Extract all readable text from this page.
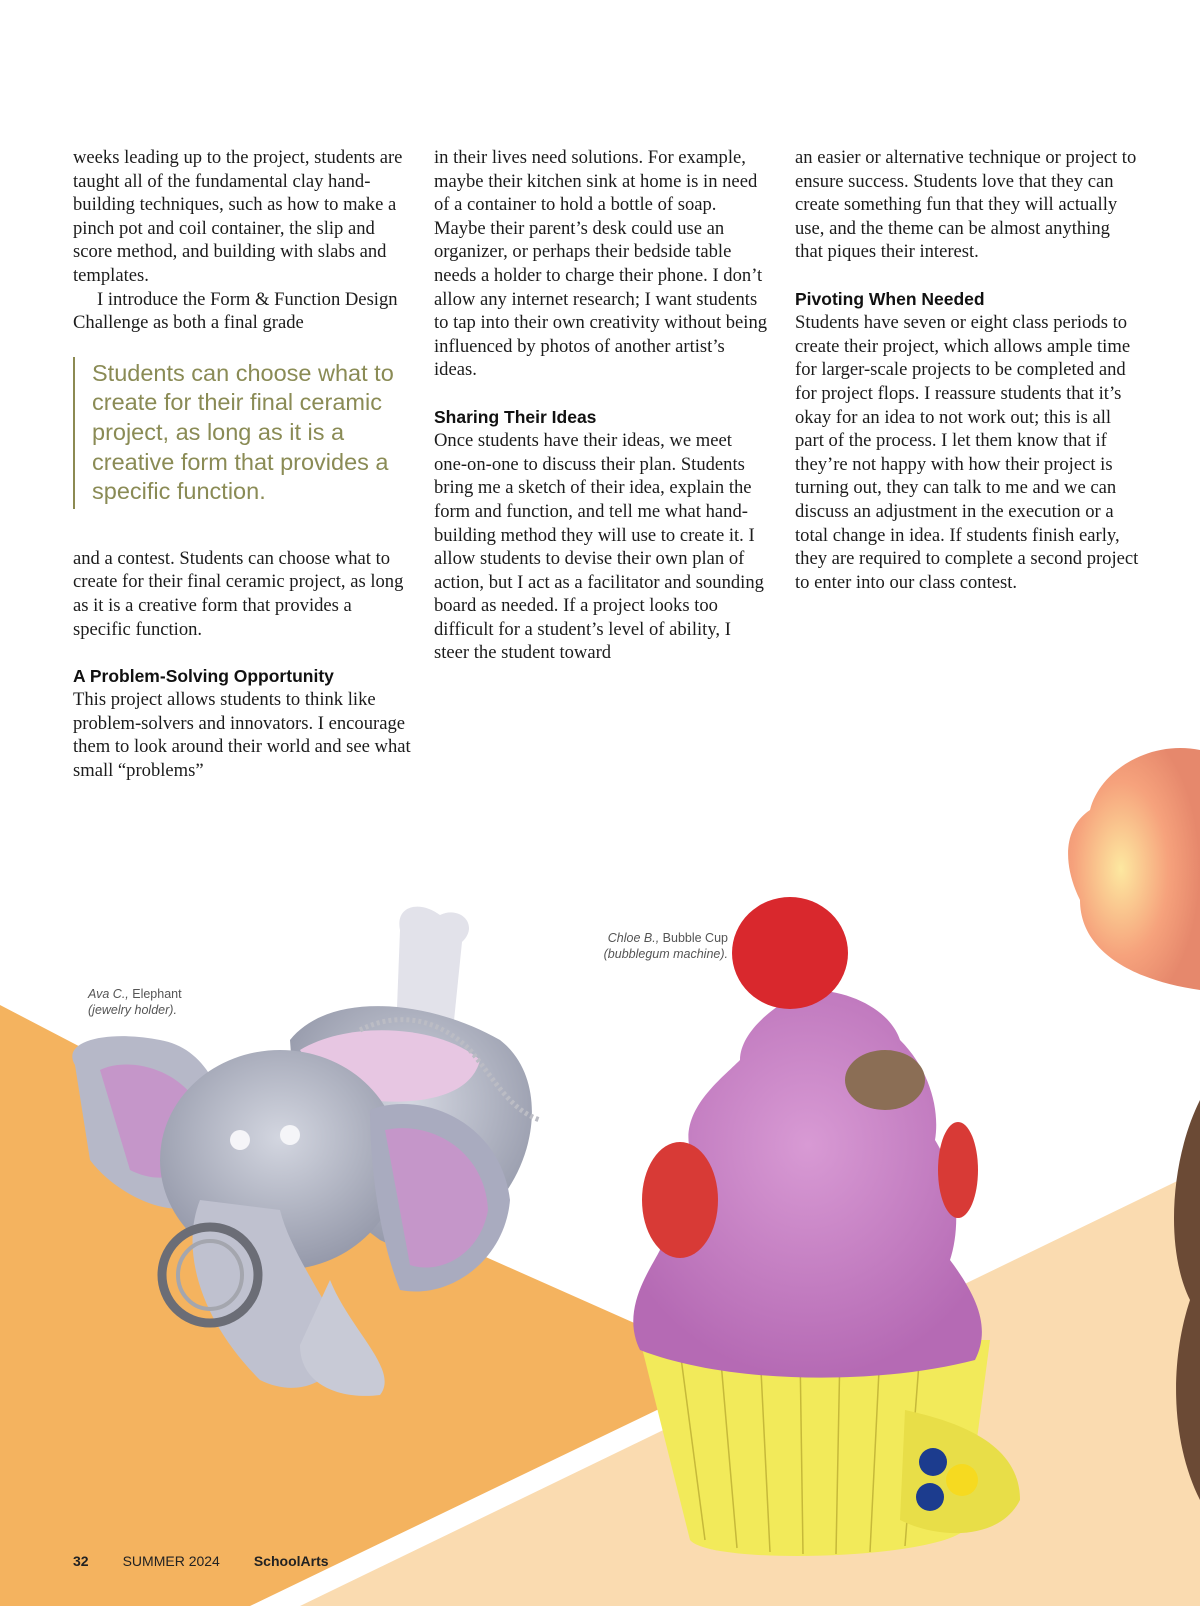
weeks leading up to the project, students are taught all of the fundamental clay hand-building techniques, such as how to make a pinch pot and coil container, the slip and score method, and building with slabs and templates.

I introduce the Form & Function Design Challenge as both a final grade

Students can choose what to create for their final ceramic project, as long as it is a creative form that provides a specific function.

and a contest. Students can choose what to create for their final ceramic project, as long as it is a creative form that provides a specific function.

A Problem-Solving Opportunity

This project allows students to think like problem-solvers and innovators. I encourage them to look around their world and see what small “problems”

in their lives need solutions. For example, maybe their kitchen sink at home is in need of a container to hold a bottle of soap. Maybe their parent’s desk could use an organizer, or perhaps their bedside table needs a holder to charge their phone. I don’t allow any internet research; I want students to tap into their own creativity without being influenced by photos of another artist’s ideas.

Sharing Their Ideas

Once students have their ideas, we meet one-on-one to discuss their plan. Students bring me a sketch of their idea, explain the form and function, and tell me what hand-building method they will use to create it. I allow students to devise their own plan of action, but I act as a facilitator and sounding board as needed. If a project looks too difficult for a student’s level of ability, I steer the student toward

an easier or alternative technique or project to ensure success. Students love that they can create something fun that they will actually use, and the theme can be almost anything that piques their interest.

Pivoting When Needed

Students have seven or eight class periods to create their project, which allows ample time for larger-scale projects to be completed and for project flops. I reassure students that it’s okay for an idea to not work out; this is all part of the process. I let them know that if they’re not happy with how their project is turning out, they can talk to me and we can discuss an adjustment in the execution or a total change in idea. If students finish early, they are required to complete a second project to enter into our class contest.

Ava C., Elephant
(jewelry holder).
Chloe B., Bubble Cup
(bubblegum machine).
32 SUMMER 2024 SchoolArts
